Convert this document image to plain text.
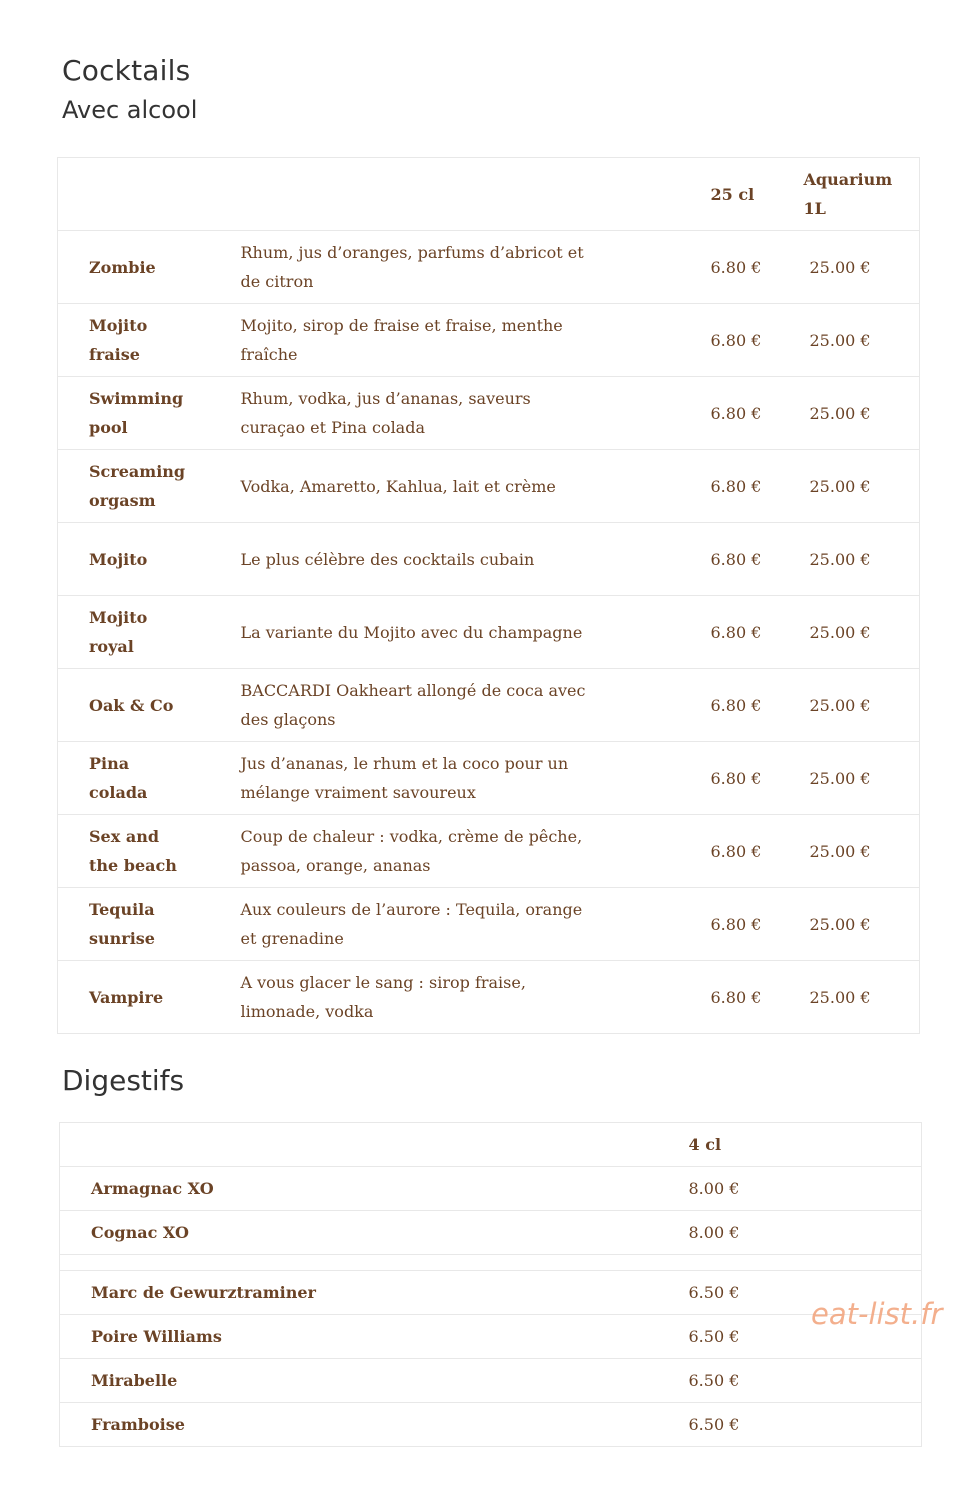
Cocktails
Avec alcool
		25 cl	Aquarium 1L

Zombie	Rhum, jus d’oranges, parfums d’abricot et de citron	6.80 €	25.00 €

Mojito fraise	Mojito, sirop de fraise et fraise, menthe fraîche	6.80 €	25.00 €

Swimming pool	Rhum, vodka, jus d’ananas, saveurs curaçao et Pina colada	6.80 €	25.00 €

Screaming orgasm	Vodka, Amaretto, Kahlua, lait et crème	6.80 €	25.00 €

Mojito	Le plus célèbre des cocktails cubain	6.80 €	25.00 €

Mojito royal	La variante du Mojito avec du champagne	6.80 €	25.00 €

Oak & Co	BACCARDI Oakheart allongé de coca avec des glaçons	6.80 €	25.00 €

Pina colada	Jus d’ananas, le rhum et la coco pour un mélange vraiment savoureux	6.80 €	25.00 €

Sex and the beach	Coup de chaleur : vodka, crème de pêche, passoa, orange, ananas	6.80 €	25.00 €

Tequila sunrise	Aux couleurs de l’aurore : Tequila, orange et grenadine	6.80 €	25.00 €

Vampire	A vous glacer le sang : sirop fraise, limonade, vodka	6.80 €	25.00 €
Digestifs
	4 cl
Armagnac XO	8.00 €
Cognac XO	8.00 €

Marc de Gewurztraminer	6.50 €
Poire Williams	6.50 €
Mirabelle	6.50 €
Framboise	6.50 €
eat-list.fr
